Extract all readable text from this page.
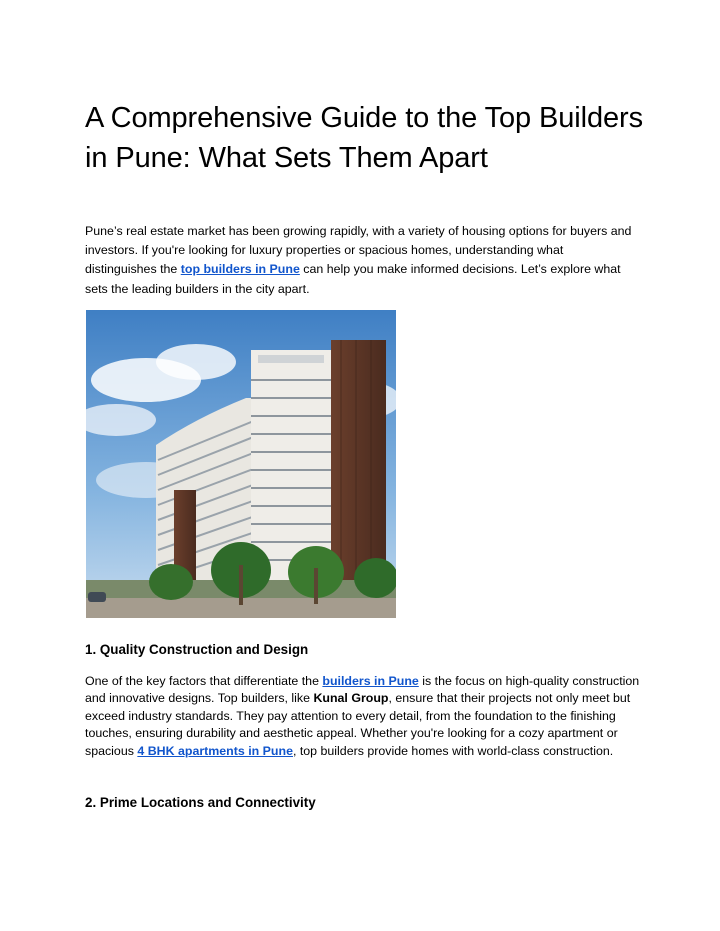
A Comprehensive Guide to the Top Builders in Pune: What Sets Them Apart

Pune’s real estate market has been growing rapidly, with a variety of housing options for buyers and investors. If you're looking for luxury properties or spacious homes, understanding what distinguishes the top builders in Pune can help you make informed decisions. Let’s explore what sets the leading builders in the city apart.

1. Quality Construction and Design

One of the key factors that differentiate the builders in Pune is the focus on high-quality construction and innovative designs. Top builders, like Kunal Group, ensure that their projects not only meet but exceed industry standards. They pay attention to every detail, from the foundation to the finishing touches, ensuring durability and aesthetic appeal. Whether you're looking for a cozy apartment or spacious 4 BHK apartments in Pune, top builders provide homes with world-class construction.

2. Prime Locations and Connectivity
